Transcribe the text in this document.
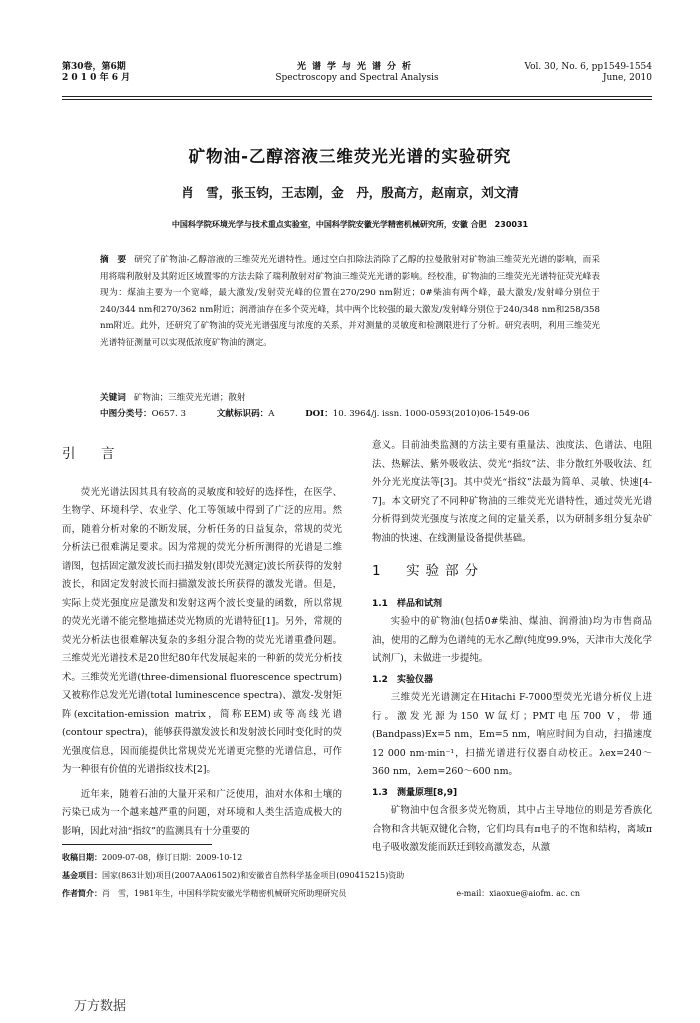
第30卷，第6期
2 0 1 0 年 6 月
光谱学与光谱分析
Spectroscopy and Spectral Analysis
Vol. 30, No. 6, pp1549-1554
June, 2010
矿物油-乙醇溶液三维荧光光谱的实验研究
肖　雪，张玉钧，王志刚，金　丹，殷高方，赵南京，刘文清
中国科学院环境光学与技术重点实验室，中国科学院安徽光学精密机械研究所，安徽 合肥　230031
摘　要 研究了矿物油-乙醇溶液的三维荧光光谱特性。通过空白扣除法消除了乙醇的拉曼散射对矿物油三维荧光光谱的影响，而采用将瑞利散射及其附近区域置零的方法去除了瑞利散射对矿物油三维荧光光谱的影响。经校准，矿物油的三维荧光光谱特征荧光峰表现为：煤油主要为一个宽峰，最大激发/发射荧光峰的位置在270/290 nm附近；0#柴油有两个峰，最大激发/发射峰分别位于240/344 nm和270/362 nm附近；润滑油存在多个荧光峰，其中两个比较强的最大激发/发射峰分别位于240/348 nm和258/358 nm附近。此外，还研究了矿物油的荧光光谱强度与浓度的关系，并对测量的灵敏度和检测限进行了分析。研究表明，利用三维荧光光谱特征测量可以实现低浓度矿物油的测定。
关键词 矿物油；三维荧光光谱；散射
中图分类号：O657. 3	文献标识码：A	DOI：10. 3964/j. issn. 1000-0593(2010)06-1549-06
引　言

荧光光谱法因其具有较高的灵敏度和较好的选择性，在医学、生物学、环境科学、农业学、化工等领域中得到了广泛的应用。然而，随着分析对象的不断发展，分析任务的日益复杂，常规的荧光分析法已很难满足要求。因为常规的荧光分析所测得的光谱是二维谱图，包括固定激发波长而扫描发射(即荧光测定)波长所获得的发射波长，和固定发射波长而扫描激发波长所获得的激发光谱。但是，实际上荧光强度应是激发和发射这两个波长变量的函数，所以常规的荧光光谱不能完整地描述荧光物质的光谱特征[1]。另外，常规的荧光分析法也很难解决复杂的多组分混合物的荧光光谱重叠问题。三维荧光光谱技术是20世纪80年代发展起来的一种新的荧光分析技术。三维荧光光谱(three-dimensional fluorescence spectrum)又被称作总发光光谱(total luminescence spectra)、激发-发射矩阵(excitation-emission matrix，简称EEM)或等高线光谱(contour spectra)，能够获得激发波长和发射波长同时变化时的荧光强度信息，因而能提供比常规荧光光谱更完整的光谱信息，可作为一种很有价值的光谱指纹技术[2]。

近年来，随着石油的大量开采和广泛使用，油对水体和土壤的污染已成为一个越来越严重的问题，对环境和人类生活造成极大的影响，因此对油“指纹”的监测具有十分重要的

意义。目前油类监测的方法主要有重量法、浊度法、色谱法、电阻法、热解法、紫外吸收法、荧光“指纹”法、非分散红外吸收法、红外分光光度法等[3]。其中荧光“指纹”法最为简单、灵敏、快速[4-7]。本文研究了不同种矿物油的三维荧光光谱特性，通过荧光光谱分析得到荧光强度与浓度之间的定量关系，以为研制多组分复杂矿物油的快速、在线测量设备提供基础。

1　实验部分
1.1　样品和试剂

实验中的矿物油(包括0#柴油、煤油、润滑油)均为市售商品油，使用的乙醇为色谱纯的无水乙醇(纯度99.9%，天津市大茂化学试剂厂)，未做进一步提纯。

1.2　实验仪器

三维荧光光谱测定在Hitachi F-7000型荧光光谱分析仪上进行。激发光源为150 W氙灯；PMT电压700 V，带通(Bandpass)Ex=5 nm，Em=5 nm，响应时间为自动，扫描速度12 000 nm·min⁻¹，扫描光谱进行仪器自动校正。λex=240～360 nm，λem=260～600 nm。

1.3　测量原理[8,9]

矿物油中包含很多荧光物质，其中占主导地位的则是芳香族化合物和含共轭双键化合物，它们均具有π电子的不饱和结构，离域π电子吸收激发能而跃迁到较高激发态，从激

收稿日期：2009-07-08，修订日期：2009-10-12
基金项目：国家(863计划)项目(2007AA061502)和安徽省自然科学基金项目(090415215)资助
作者简介：肖　雪，1981年生，中国科学院安徽光学精密机械研究所助理研究员	e-mail：xiaoxue@aiofm. ac. cn
万方数据
